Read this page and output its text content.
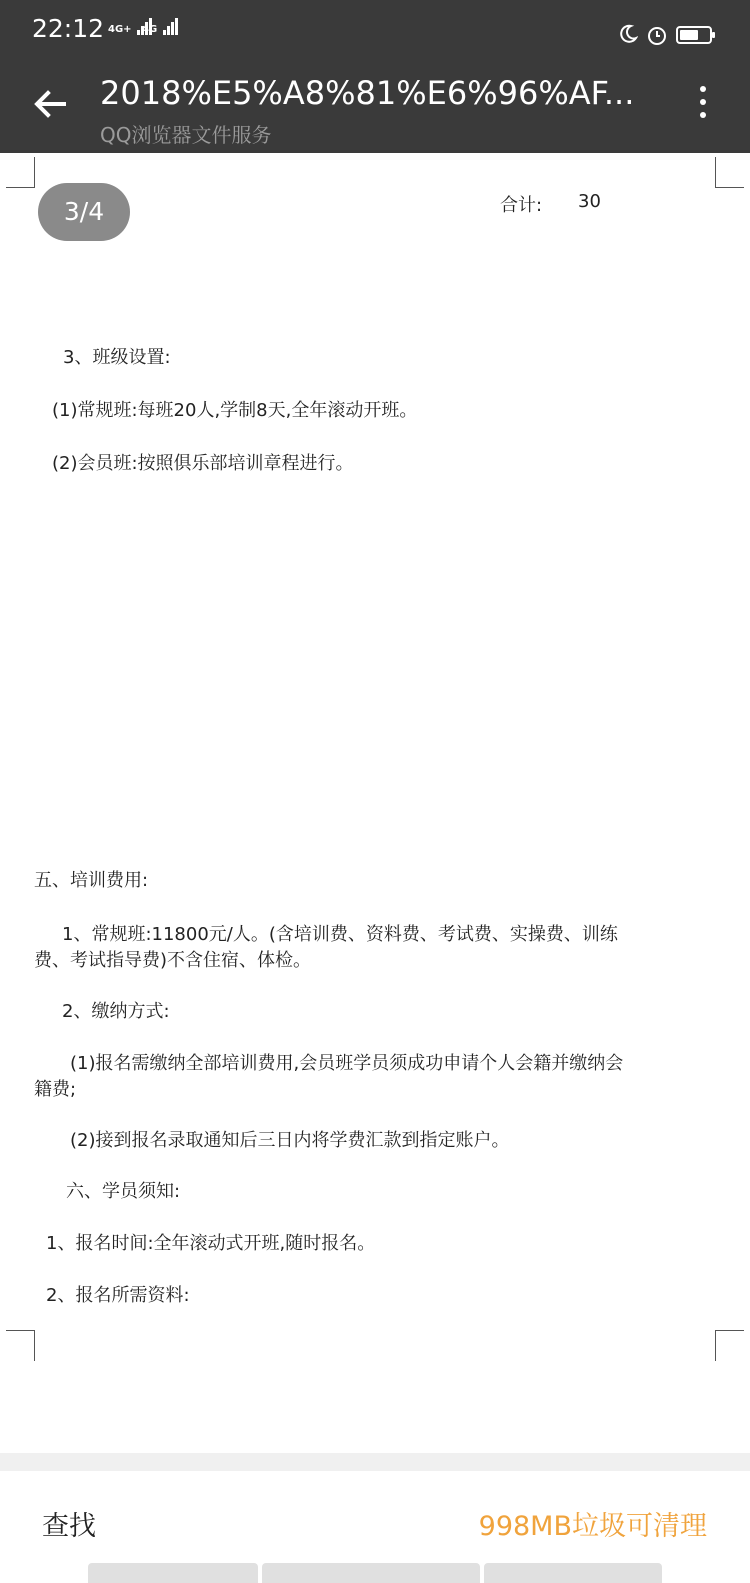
22:12 4G+	4G
2018%E5%A8%81%E6%96%AF...
QQ浏览器文件服务
3/4	合计: 30
3、班级设置:
(1)常规班:每班20人,学制8天,全年滚动开班。
(2)会员班:按照俱乐部培训章程进行。
五、培训费用:
1、常规班:11800元/人。(含培训费、资料费、考试费、实操费、训练
费、考试指导费)不含住宿、体检。
2、缴纳方式:
(1)报名需缴纳全部培训费用,会员班学员须成功申请个人会籍并缴纳会
籍费;
(2)接到报名录取通知后三日内将学费汇款到指定账户。
六、学员须知:
1、报名时间:全年滚动式开班,随时报名。
2、报名所需资料:
查找	998MB垃圾可清理
